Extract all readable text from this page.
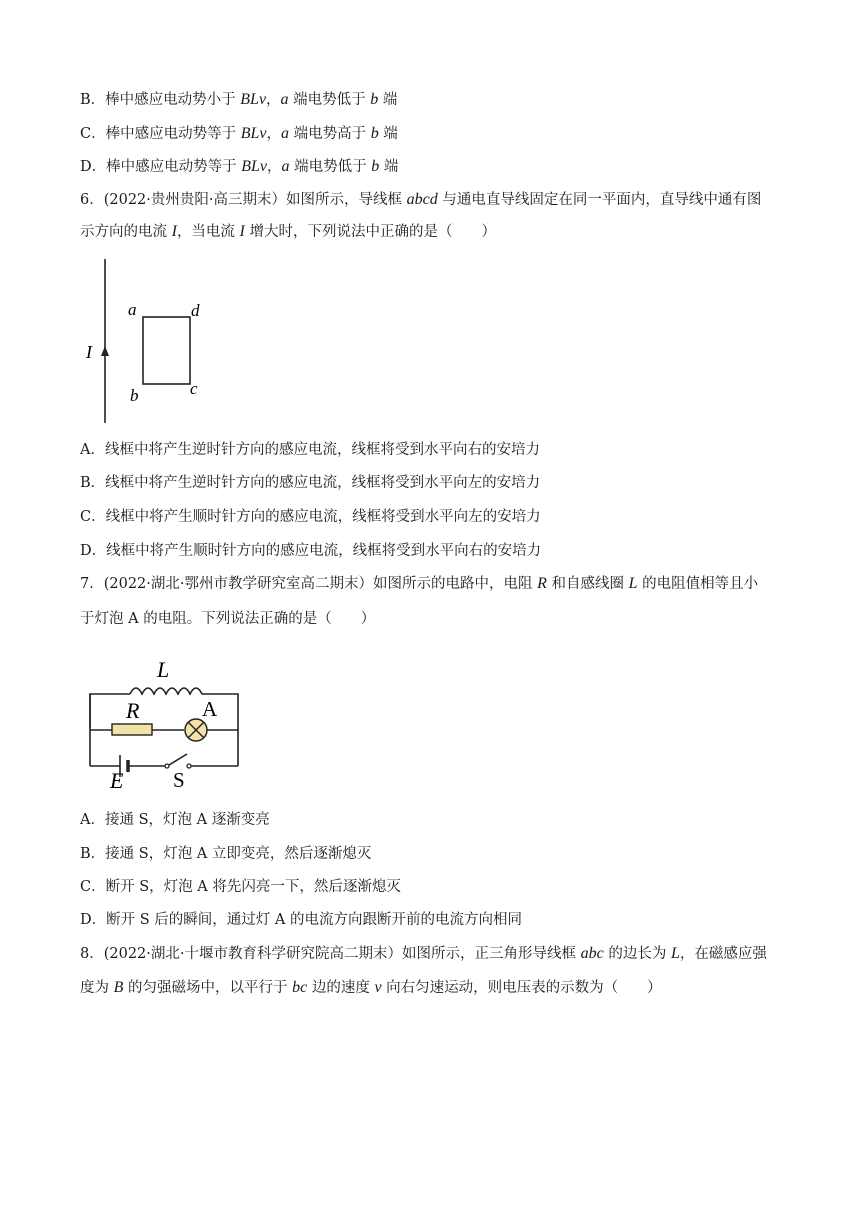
B．棒中感应电动势小于 BLv，a 端电势低于 b 端
C．棒中感应电动势等于 BLv，a 端电势高于 b 端
D．棒中感应电动势等于 BLv，a 端电势低于 b 端
6．(2022·贵州贵阳·高三期末）如图所示，导线框 abcd 与通电直导线固定在同一平面内，直导线中通有图
示方向的电流 I，当电流 I 增大时，下列说法中正确的是（　　）
I
a	d
b	c
A．线框中将产生逆时针方向的感应电流，线框将受到水平向右的安培力
B．线框中将产生逆时针方向的感应电流，线框将受到水平向左的安培力
C．线框中将产生顺时针方向的感应电流，线框将受到水平向左的安培力
D．线框中将产生顺时针方向的感应电流，线框将受到水平向右的安培力
7．(2022·湖北·鄂州市教学研究室高二期末）如图所示的电路中，电阻 R 和自感线圈 L 的电阻值相等且小
于灯泡 A 的电阻。下列说法正确的是（　　）
L
R	A
E S
A．接通 S，灯泡 A 逐渐变亮
B．接通 S，灯泡 A 立即变亮，然后逐渐熄灭
C．断开 S，灯泡 A 将先闪亮一下，然后逐渐熄灭
D．断开 S 后的瞬间，通过灯 A 的电流方向跟断开前的电流方向相同
8．(2022·湖北·十堰市教育科学研究院高二期末）如图所示，正三角形导线框 abc 的边长为 L，在磁感应强
度为 B 的匀强磁场中，以平行于 bc 边的速度 v 向右匀速运动，则电压表的示数为（　　）
